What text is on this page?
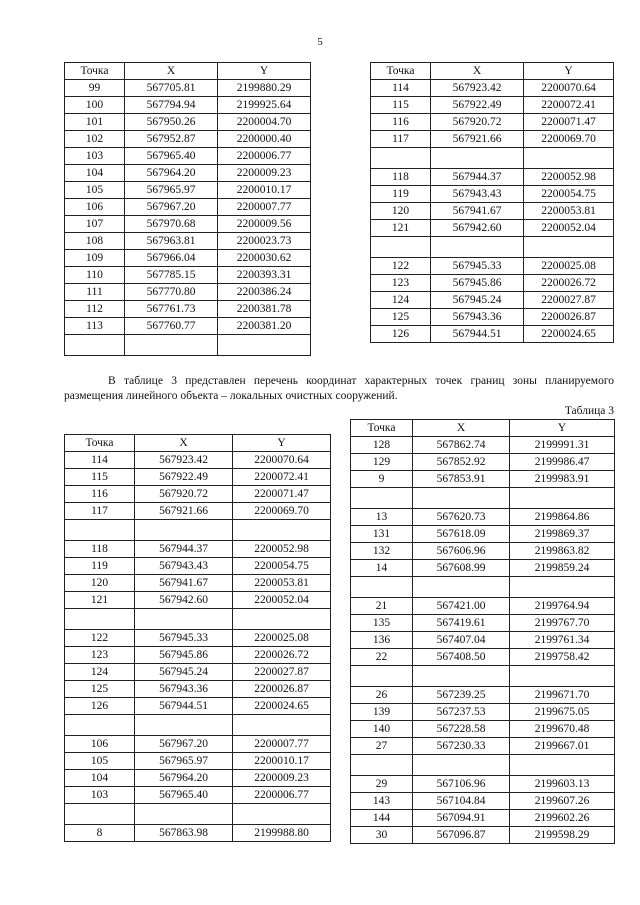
5
Точка	X	Y
99	567705.81	2199880.29
100	567794.94	2199925.64
101	567950.26	2200004.70
102	567952.87	2200000.40
103	567965.40	2200006.77
104	567964.20	2200009.23
105	567965.97	2200010.17
106	567967.20	2200007.77
107	567970.68	2200009.56
108	567963.81	2200023.73
109	567966.04	2200030.62
110	567785.15	2200393.31
111	567770.80	2200386.24
112	567761.73	2200381.78
113	567760.77	2200381.20

Точка	X	Y
114	567923.42	2200070.64
115	567922.49	2200072.41
116	567920.72	2200071.47
117	567921.66	2200069.70

118	567944.37	2200052.98
119	567943.43	2200054.75
120	567941.67	2200053.81
121	567942.60	2200052.04

122	567945.33	2200025.08
123	567945.86	2200026.72
124	567945.24	2200027.87
125	567943.36	2200026.87
126	567944.51	2200024.65

В таблице 3 представлен перечень координат характерных точек границ зоны планируемого размещения линейного объекта – локальных очистных сооружений.

Таблица 3

Точка	X	Y
114	567923.42	2200070.64
115	567922.49	2200072.41
116	567920.72	2200071.47
117	567921.66	2200069.70

118	567944.37	2200052.98
119	567943.43	2200054.75
120	567941.67	2200053.81
121	567942.60	2200052.04

122	567945.33	2200025.08
123	567945.86	2200026.72
124	567945.24	2200027.87
125	567943.36	2200026.87
126	567944.51	2200024.65

106	567967.20	2200007.77
105	567965.97	2200010.17
104	567964.20	2200009.23
103	567965.40	2200006.77

8	567863.98	2199988.80
Точка	X	Y
128	567862.74	2199991.31
129	567852.92	2199986.47
9	567853.91	2199983.91

13	567620.73	2199864.86
131	567618.09	2199869.37
132	567606.96	2199863.82
14	567608.99	2199859.24

21	567421.00	2199764.94
135	567419.61	2199767.70
136	567407.04	2199761.34
22	567408.50	2199758.42

26	567239.25	2199671.70
139	567237.53	2199675.05
140	567228.58	2199670.48
27	567230.33	2199667.01

29	567106.96	2199603.13
143	567104.84	2199607.26
144	567094.91	2199602.26
30	567096.87	2199598.29
